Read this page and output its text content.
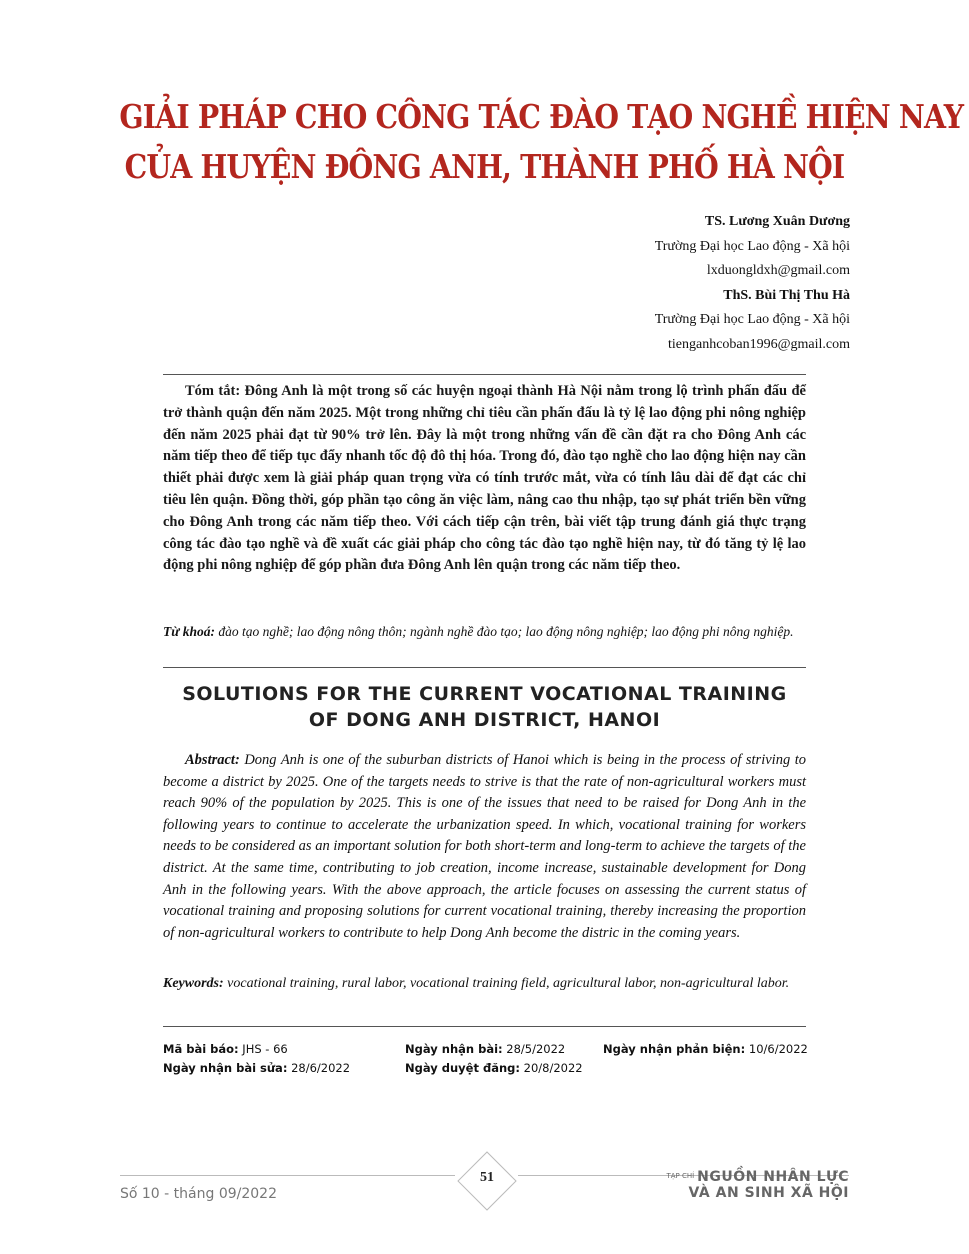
GIẢI PHÁP CHO CÔNG TÁC ĐÀO TẠO NGHỀ HIỆN NAY
CỦA HUYỆN ĐÔNG ANH, THÀNH PHỐ HÀ NỘI
TS. Lương Xuân Dương
Trường Đại học Lao động - Xã hội
lxduongldxh@gmail.com
ThS. Bùi Thị Thu Hà
Trường Đại học Lao động - Xã hội
tienganhcoban1996@gmail.com

Tóm tắt: Đông Anh là một trong số các huyện ngoại thành Hà Nội nằm trong lộ trình phấn đấu để trở thành quận đến năm 2025. Một trong những chỉ tiêu cần phấn đấu là tỷ lệ lao động phi nông nghiệp đến năm 2025 phải đạt từ 90% trở lên. Đây là một trong những vấn đề cần đặt ra cho Đông Anh các năm tiếp theo để tiếp tục đẩy nhanh tốc độ đô thị hóa. Trong đó, đào tạo nghề cho lao động hiện nay cần thiết phải được xem là giải pháp quan trọng vừa có tính trước mắt, vừa có tính lâu dài để đạt các chỉ tiêu lên quận. Đồng thời, góp phần tạo công ăn việc làm, nâng cao thu nhập, tạo sự phát triển bền vững cho Đông Anh trong các năm tiếp theo. Với cách tiếp cận trên, bài viết tập trung đánh giá thực trạng công tác đào tạo nghề và đề xuất các giải pháp cho công tác đào tạo nghề hiện nay, từ đó tăng tỷ lệ lao động phi nông nghiệp để góp phần đưa Đông Anh lên quận trong các năm tiếp theo.

Từ khoá: đào tạo nghề; lao động nông thôn; ngành nghề đào tạo; lao động nông nghiệp; lao động phi nông nghiệp.

SOLUTIONS FOR THE CURRENT VOCATIONAL TRAINING
OF DONG ANH DISTRICT, HANOI

Abstract: Dong Anh is one of the suburban districts of Hanoi which is being in the process of striving to become a district by 2025. One of the targets needs to strive is that the rate of non-agricultural workers must reach 90% of the population by 2025. This is one of the issues that need to be raised for Dong Anh in the following years to continue to accelerate the urbanization speed. In which, vocational training for workers needs to be considered as an important solution for both short-term and long-term to achieve the targets of the district. At the same time, contributing to job creation, income increase, sustainable development for Dong Anh in the following years. With the above approach, the article focuses on assessing the current status of vocational training and proposing solutions for current vocational training, thereby increasing the proportion of non-agricultural workers to contribute to help Dong Anh become the distric in the coming years.

Keywords: vocational training, rural labor, vocational training field, agricultural labor, non-agricultural labor.

Mã bài báo: JHS - 66	Ngày nhận bài: 28/5/2022	Ngày nhận phản biện: 10/6/2022
Ngày nhận bài sửa: 28/6/2022	Ngày duyệt đăng: 20/8/2022
Số 10 - tháng 09/2022
51	$^{TẠP CHÍ}$ NGUỒN NHÂN LỰC
VÀ AN SINH XÃ HỘI
